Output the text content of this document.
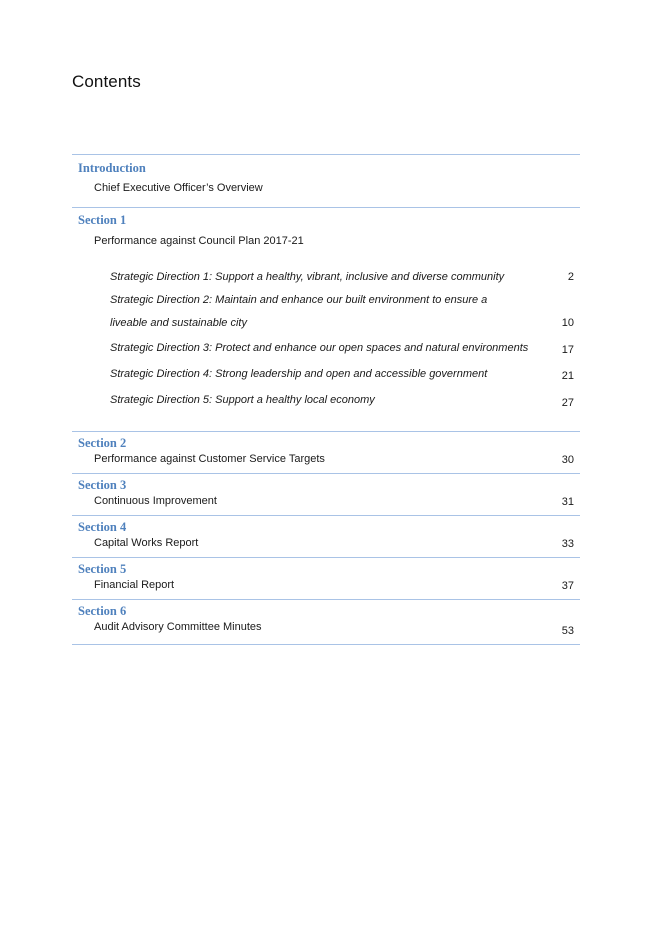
Contents
Introduction
Chief Executive Officer’s Overview
Section 1
Performance against Council Plan 2017-21
Strategic Direction 1: Support a healthy, vibrant, inclusive and diverse community	2
Strategic Direction 2: Maintain and enhance our built environment to ensure a
liveable and sustainable city	10
Strategic Direction 3: Protect and enhance our open spaces and natural environments	17
Strategic Direction 4: Strong leadership and open and accessible government	21
Strategic Direction 5: Support a healthy local economy	27
Section 2
Performance against Customer Service Targets	30
Section 3
Continuous Improvement	31
Section 4
Capital Works Report	33
Section 5
Financial Report	37
Section 6
Audit Advisory Committee Minutes	53
